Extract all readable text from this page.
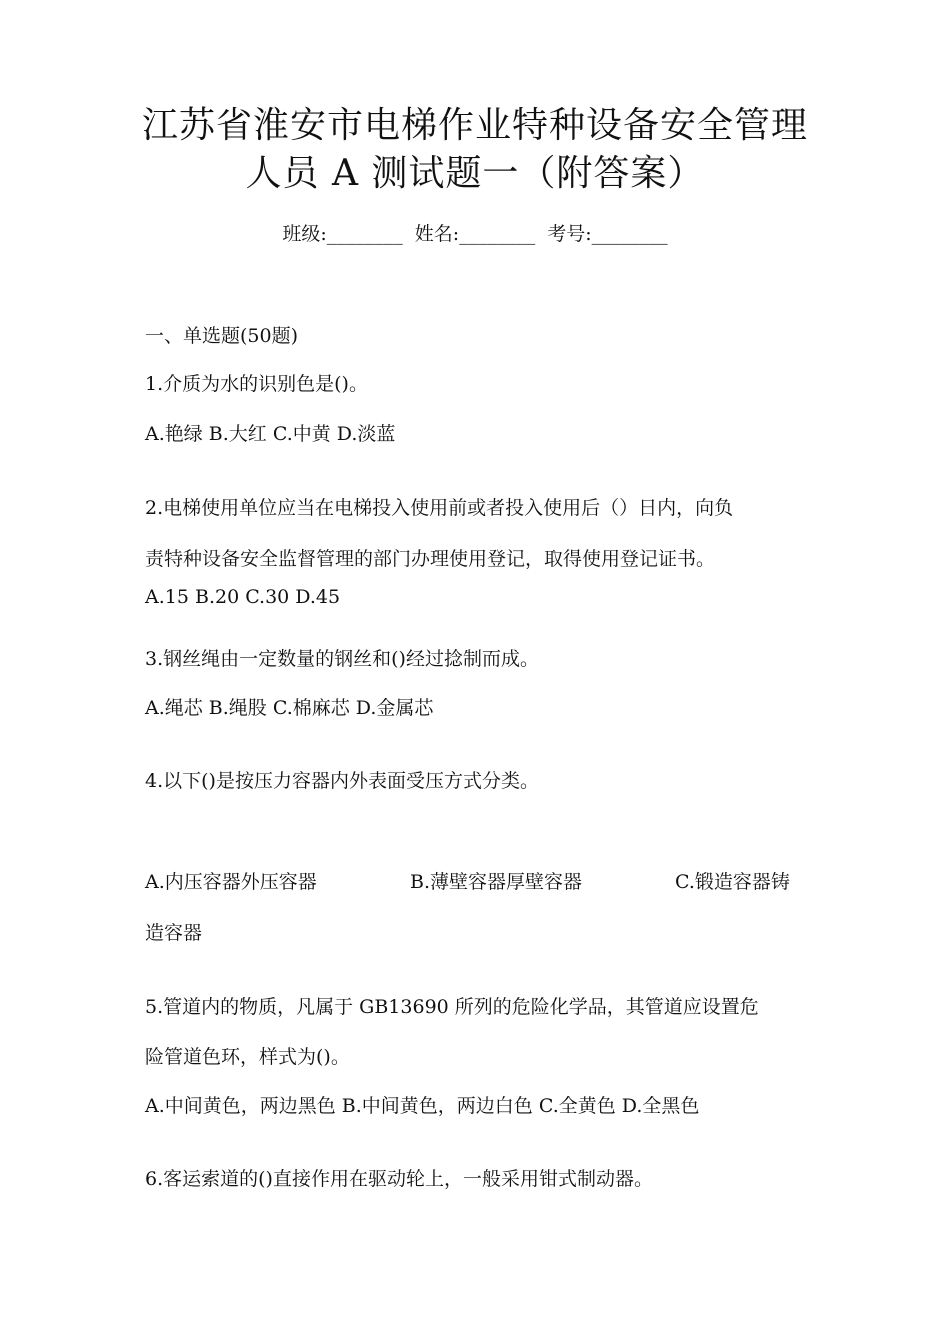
江苏省淮安市电梯作业特种设备安全管理
人员 A 测试题一（附答案）
班级:________ 姓名:________ 考号:________
一、单选题(50题)
1.介质为水的识别色是()。
A.艳绿 B.大红 C.中黄 D.淡蓝
2.电梯使用单位应当在电梯投入使用前或者投入使用后（）日内，向负
责特种设备安全监督管理的部门办理使用登记，取得使用登记证书。
A.15 B.20 C.30 D.45
3.钢丝绳由一定数量的钢丝和()经过捻制而成。
A.绳芯 B.绳股 C.棉麻芯 D.金属芯
4.以下()是按压力容器内外表面受压方式分类。
A.内压容器外压容器	B.薄壁容器厚壁容器	C.锻造容器铸
造容器
5.管道内的物质，凡属于 GB13690 所列的危险化学品，其管道应设置危
险管道色环，样式为()。
A.中间黄色，两边黑色 B.中间黄色，两边白色 C.全黄色 D.全黑色
6.客运索道的()直接作用在驱动轮上，一般采用钳式制动器。
